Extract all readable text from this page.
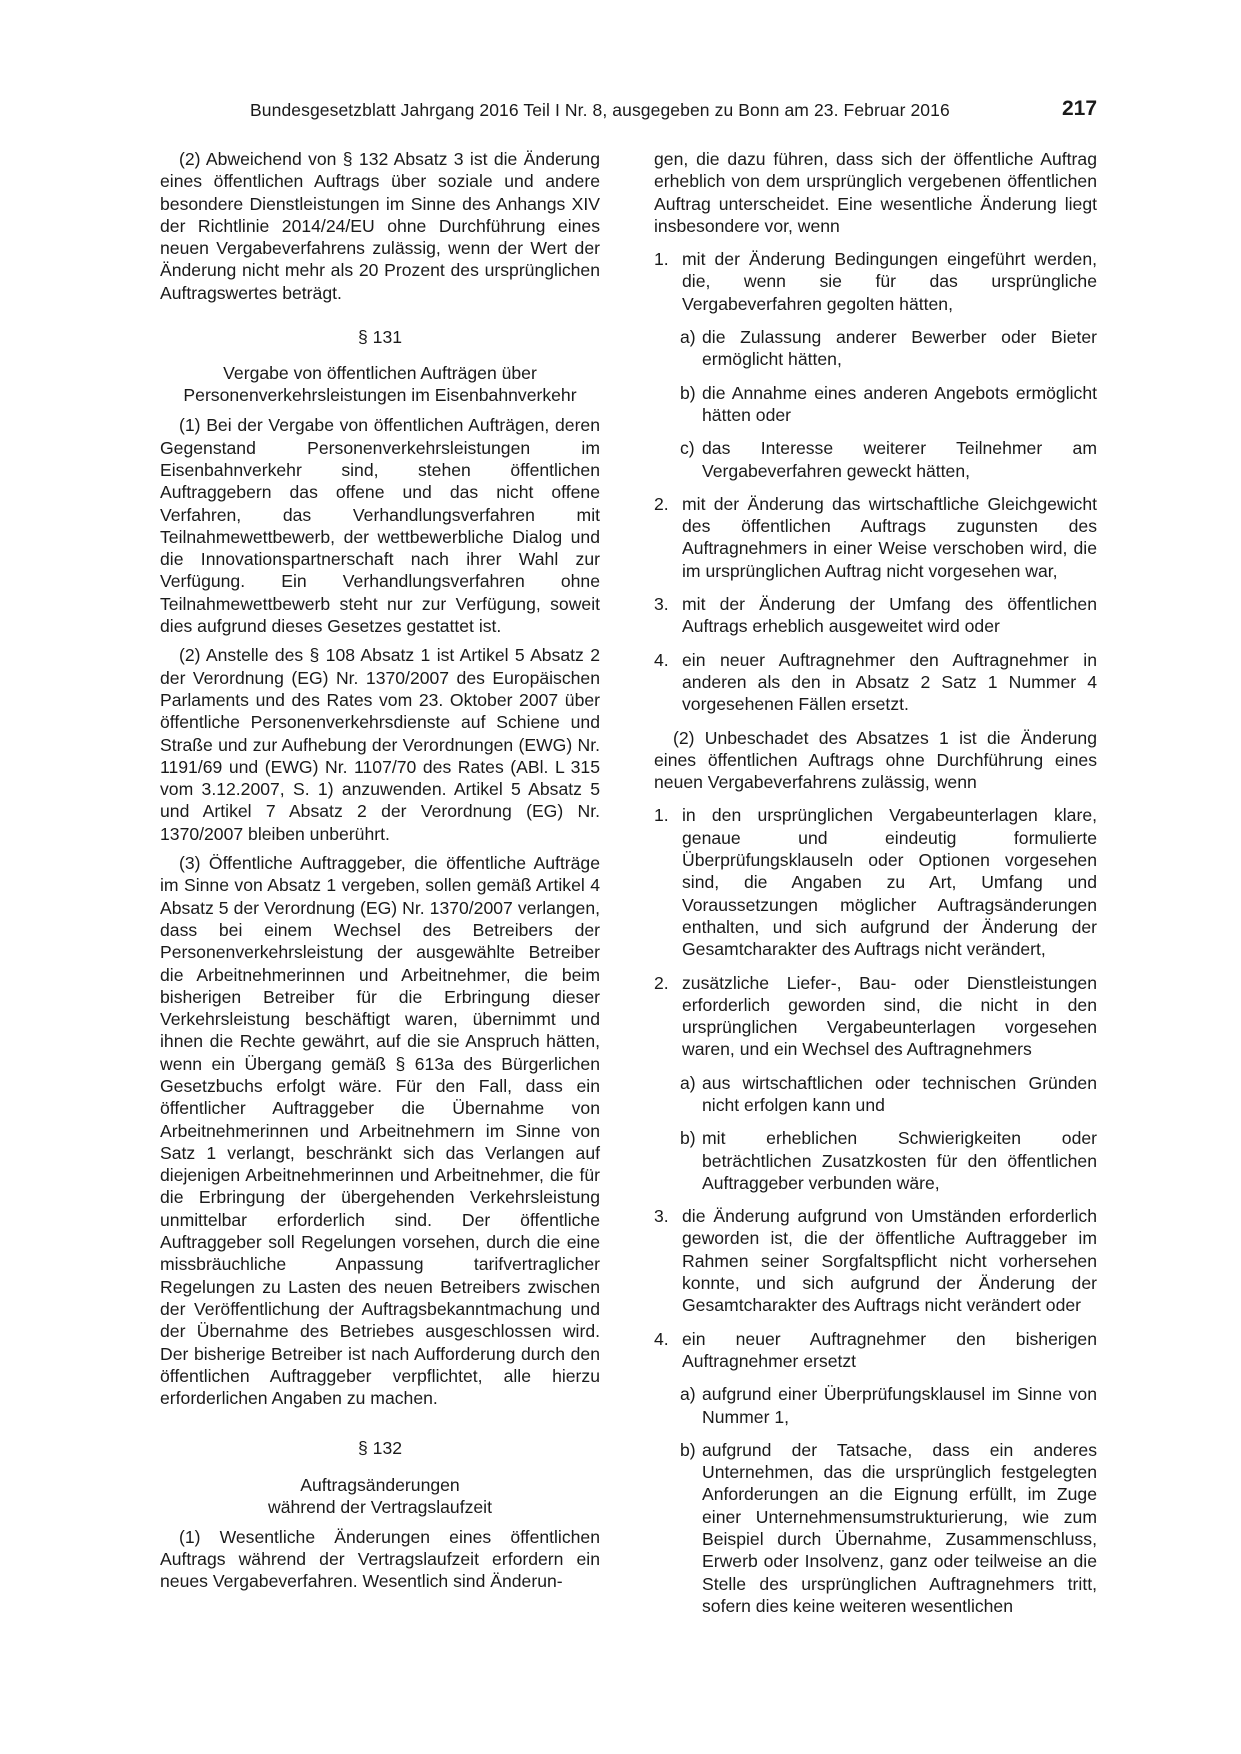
Bundesgesetzblatt Jahrgang 2016 Teil I Nr. 8, ausgegeben zu Bonn am 23. Februar 2016	217

(2) Abweichend von § 132 Absatz 3 ist die Änderung eines öffentlichen Auftrags über soziale und andere besondere Dienstleistungen im Sinne des Anhangs XIV der Richtlinie 2014/24/EU ohne Durchführung eines neuen Vergabeverfahrens zulässig, wenn der Wert der Änderung nicht mehr als 20 Prozent des ursprünglichen Auftragswertes beträgt.

§ 131
Vergabe von öffentlichen Aufträgen über
Personenverkehrsleistungen im Eisenbahnverkehr

(1) Bei der Vergabe von öffentlichen Aufträgen, deren Gegenstand Personenverkehrsleistungen im Eisenbahnverkehr sind, stehen öffentlichen Auftraggebern das offene und das nicht offene Verfahren, das Verhandlungsverfahren mit Teilnahmewettbewerb, der wettbewerbliche Dialog und die Innovationspartnerschaft nach ihrer Wahl zur Verfügung. Ein Verhandlungsverfahren ohne Teilnahmewettbewerb steht nur zur Verfügung, soweit dies aufgrund dieses Gesetzes gestattet ist.

(2) Anstelle des § 108 Absatz 1 ist Artikel 5 Absatz 2 der Verordnung (EG) Nr. 1370/2007 des Europäischen Parlaments und des Rates vom 23. Oktober 2007 über öffentliche Personenverkehrsdienste auf Schiene und Straße und zur Aufhebung der Verordnungen (EWG) Nr. 1191/69 und (EWG) Nr. 1107/70 des Rates (ABl. L 315 vom 3.12.2007, S. 1) anzuwenden. Artikel 5 Absatz 5 und Artikel 7 Absatz 2 der Verordnung (EG) Nr. 1370/2007 bleiben unberührt.

(3) Öffentliche Auftraggeber, die öffentliche Aufträge im Sinne von Absatz 1 vergeben, sollen gemäß Artikel 4 Absatz 5 der Verordnung (EG) Nr. 1370/2007 verlangen, dass bei einem Wechsel des Betreibers der Personenverkehrsleistung der ausgewählte Betreiber die Arbeitnehmerinnen und Arbeitnehmer, die beim bisherigen Betreiber für die Erbringung dieser Verkehrsleistung beschäftigt waren, übernimmt und ihnen die Rechte gewährt, auf die sie Anspruch hätten, wenn ein Übergang gemäß § 613a des Bürgerlichen Gesetzbuchs erfolgt wäre. Für den Fall, dass ein öffentlicher Auftraggeber die Übernahme von Arbeitnehmerinnen und Arbeitnehmern im Sinne von Satz 1 verlangt, beschränkt sich das Verlangen auf diejenigen Arbeitnehmerinnen und Arbeitnehmer, die für die Erbringung der übergehenden Verkehrsleistung unmittelbar erforderlich sind. Der öffentliche Auftraggeber soll Regelungen vorsehen, durch die eine missbräuchliche Anpassung tarifvertraglicher Regelungen zu Lasten des neuen Betreibers zwischen der Veröffentlichung der Auftragsbekanntmachung und der Übernahme des Betriebes ausgeschlossen wird. Der bisherige Betreiber ist nach Aufforderung durch den öffentlichen Auftraggeber verpflichtet, alle hierzu erforderlichen Angaben zu machen.

§ 132
Auftragsänderungen
während der Vertragslaufzeit

(1) Wesentliche Änderungen eines öffentlichen Auftrags während der Vertragslaufzeit erfordern ein neues Vergabeverfahren. Wesentlich sind Änderun-

gen, die dazu führen, dass sich der öffentliche Auftrag erheblich von dem ursprünglich vergebenen öffentlichen Auftrag unterscheidet. Eine wesentliche Änderung liegt insbesondere vor, wenn

1. mit der Änderung Bedingungen eingeführt werden, die, wenn sie für das ursprüngliche Vergabeverfahren gegolten hätten,
a) die Zulassung anderer Bewerber oder Bieter ermöglicht hätten,
b) die Annahme eines anderen Angebots ermöglicht hätten oder
c) das Interesse weiterer Teilnehmer am Vergabeverfahren geweckt hätten,
2. mit der Änderung das wirtschaftliche Gleichgewicht des öffentlichen Auftrags zugunsten des Auftragnehmers in einer Weise verschoben wird, die im ursprünglichen Auftrag nicht vorgesehen war,
3. mit der Änderung der Umfang des öffentlichen Auftrags erheblich ausgeweitet wird oder
4. ein neuer Auftragnehmer den Auftragnehmer in anderen als den in Absatz 2 Satz 1 Nummer 4 vorgesehenen Fällen ersetzt.

(2) Unbeschadet des Absatzes 1 ist die Änderung eines öffentlichen Auftrags ohne Durchführung eines neuen Vergabeverfahrens zulässig, wenn

1. in den ursprünglichen Vergabeunterlagen klare, genaue und eindeutig formulierte Überprüfungsklauseln oder Optionen vorgesehen sind, die Angaben zu Art, Umfang und Voraussetzungen möglicher Auftragsänderungen enthalten, und sich aufgrund der Änderung der Gesamtcharakter des Auftrags nicht verändert,
2. zusätzliche Liefer-, Bau- oder Dienstleistungen erforderlich geworden sind, die nicht in den ursprünglichen Vergabeunterlagen vorgesehen waren, und ein Wechsel des Auftragnehmers
a) aus wirtschaftlichen oder technischen Gründen nicht erfolgen kann und
b) mit erheblichen Schwierigkeiten oder beträchtlichen Zusatzkosten für den öffentlichen Auftraggeber verbunden wäre,
3. die Änderung aufgrund von Umständen erforderlich geworden ist, die der öffentliche Auftraggeber im Rahmen seiner Sorgfaltspflicht nicht vorhersehen konnte, und sich aufgrund der Änderung der Gesamtcharakter des Auftrags nicht verändert oder
4. ein neuer Auftragnehmer den bisherigen Auftragnehmer ersetzt
a) aufgrund einer Überprüfungsklausel im Sinne von Nummer 1,
b) aufgrund der Tatsache, dass ein anderes Unternehmen, das die ursprünglich festgelegten Anforderungen an die Eignung erfüllt, im Zuge einer Unternehmensumstrukturierung, wie zum Beispiel durch Übernahme, Zusammenschluss, Erwerb oder Insolvenz, ganz oder teilweise an die Stelle des ursprünglichen Auftragnehmers tritt, sofern dies keine weiteren wesentlichen
